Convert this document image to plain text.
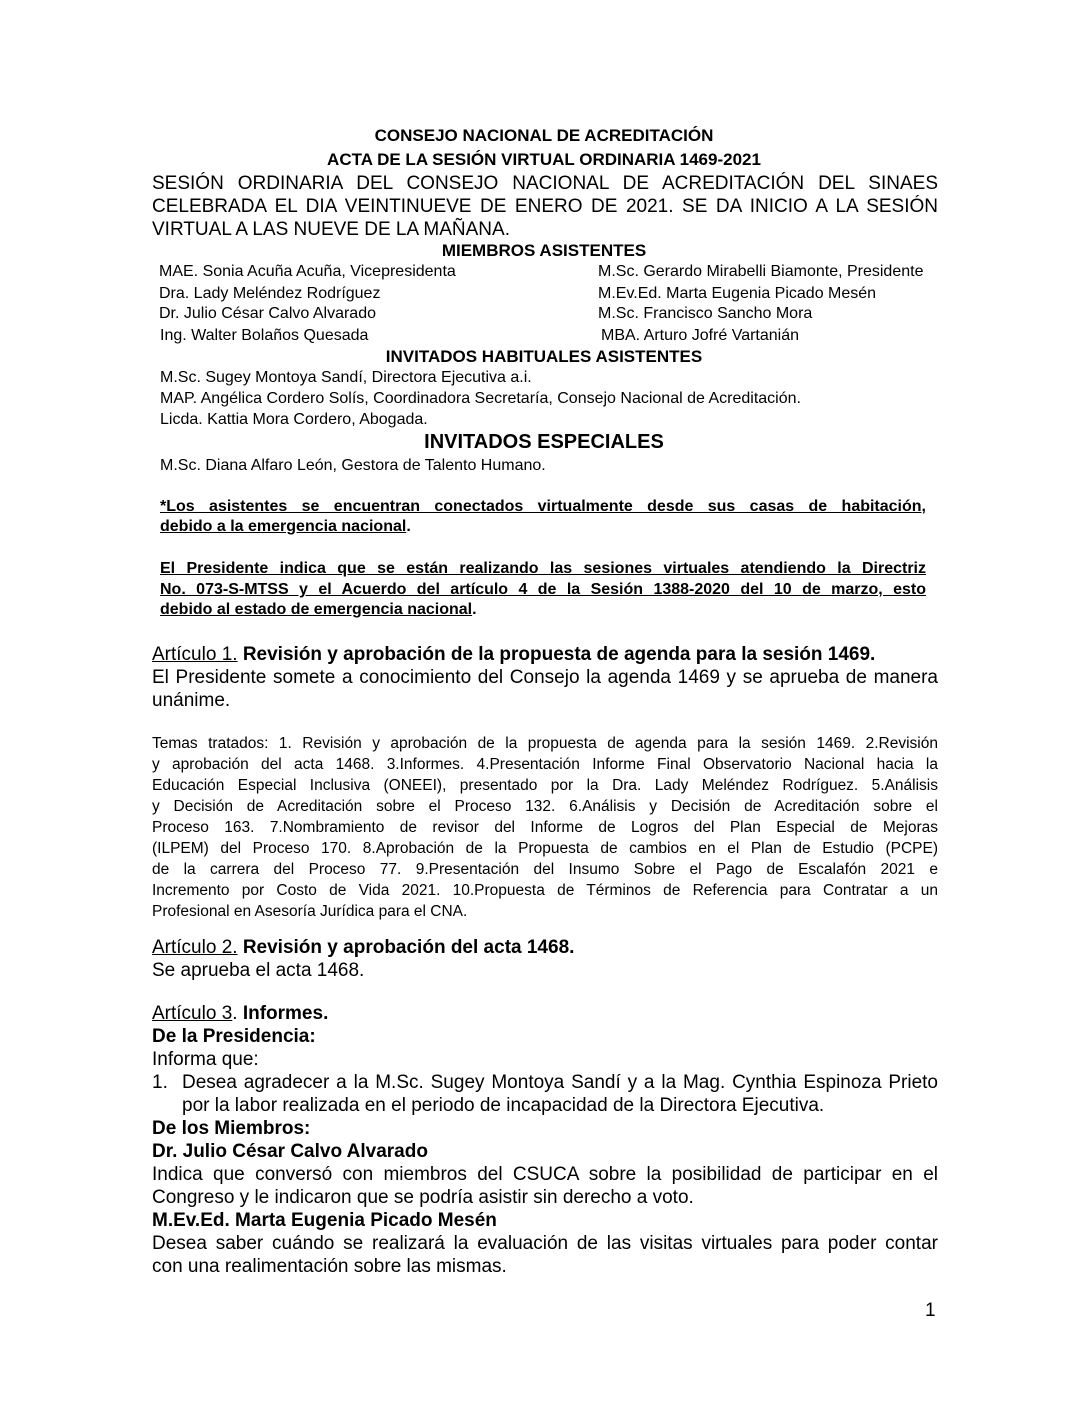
CONSEJO NACIONAL DE ACREDITACIÓN
ACTA DE LA SESIÓN VIRTUAL ORDINARIA 1469-2021
SESIÓN ORDINARIA DEL CONSEJO NACIONAL DE ACREDITACIÓN DEL SINAES
CELEBRADA EL DIA VEINTINUEVE DE ENERO DE 2021. SE DA INICIO A LA SESIÓN
VIRTUAL A LAS NUEVE DE LA MAÑANA.
MIEMBROS ASISTENTES
MAE. Sonia Acuña Acuña, Vicepresidenta
Dra. Lady Meléndez Rodríguez
Dr. Julio César Calvo Alvarado
Ing. Walter Bolaños Quesada
M.Sc. Gerardo Mirabelli Biamonte, Presidente
M.Ev.Ed. Marta Eugenia Picado Mesén
M.Sc. Francisco Sancho Mora
MBA. Arturo Jofré Vartanián
INVITADOS HABITUALES ASISTENTES
M.Sc. Sugey Montoya Sandí, Directora Ejecutiva a.i.
MAP. Angélica Cordero Solís, Coordinadora Secretaría, Consejo Nacional de Acreditación.
Licda. Kattia Mora Cordero, Abogada.
INVITADOS ESPECIALES
M.Sc. Diana Alfaro León, Gestora de Talento Humano.
*Los asistentes se encuentran conectados virtualmente desde sus casas de habitación,
debido a la emergencia nacional.
El Presidente indica que se están realizando las sesiones virtuales atendiendo la Directriz
No. 073-S-MTSS y el Acuerdo del artículo 4 de la Sesión 1388-2020 del 10 de marzo, esto
debido al estado de emergencia nacional.
Artículo 1. Revisión y aprobación de la propuesta de agenda para la sesión 1469.
El Presidente somete a conocimiento del Consejo la agenda 1469 y se aprueba de manera
unánime.
Temas tratados: 1. Revisión y aprobación de la propuesta de agenda para la sesión 1469. 2.Revisión
y aprobación del acta 1468. 3.Informes. 4.Presentación Informe Final Observatorio Nacional hacia la
Educación Especial Inclusiva (ONEEI), presentado por la Dra. Lady Meléndez Rodríguez. 5.Análisis
y Decisión de Acreditación sobre el Proceso 132. 6.Análisis y Decisión de Acreditación sobre el
Proceso 163. 7.Nombramiento de revisor del Informe de Logros del Plan Especial de Mejoras
(ILPEM) del Proceso 170. 8.Aprobación de la Propuesta de cambios en el Plan de Estudio (PCPE)
de la carrera del Proceso 77. 9.Presentación del Insumo Sobre el Pago de Escalafón 2021 e
Incremento por Costo de Vida 2021. 10.Propuesta de Términos de Referencia para Contratar a un
Profesional en Asesoría Jurídica para el CNA.
Artículo 2. Revisión y aprobación del acta 1468.
Se aprueba el acta 1468.
Artículo 3. Informes.
De la Presidencia:
Informa que:
1. Desea agradecer a la M.Sc. Sugey Montoya Sandí y a la Mag. Cynthia Espinoza Prieto
por la labor realizada en el periodo de incapacidad de la Directora Ejecutiva.
De los Miembros:
Dr. Julio César Calvo Alvarado
Indica que conversó con miembros del CSUCA sobre la posibilidad de participar en el
Congreso y le indicaron que se podría asistir sin derecho a voto.
M.Ev.Ed. Marta Eugenia Picado Mesén
Desea saber cuándo se realizará la evaluación de las visitas virtuales para poder contar
con una realimentación sobre las mismas.
1
